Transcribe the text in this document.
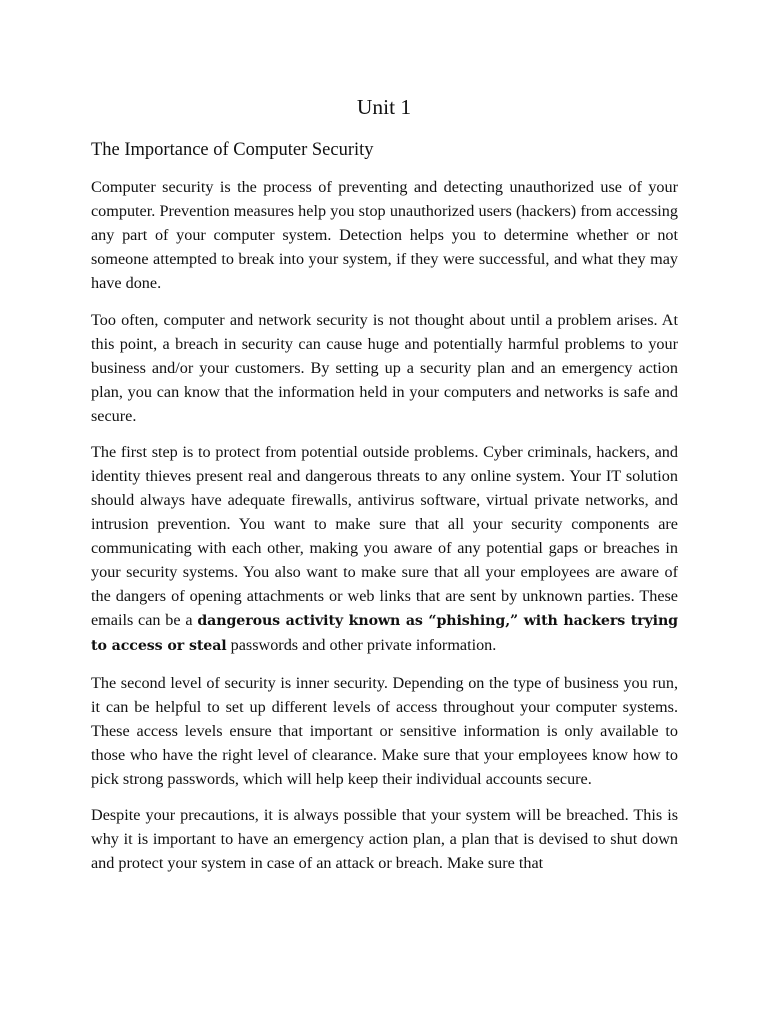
Unit 1
The Importance of Computer Security

Computer security is the process of preventing and detecting unauthorized use of your computer. Prevention measures help you stop unauthorized users (hackers) from accessing any part of your computer system. Detection helps you to determine whether or not someone attempted to break into your system, if they were successful, and what they may have done.

Too often, computer and network security is not thought about until a problem arises. At this point, a breach in security can cause huge and potentially harmful problems to your business and/or your customers. By setting up a security plan and an emergency action plan, you can know that the information held in your computers and networks is safe and secure.

The first step is to protect from potential outside problems. Cyber criminals, hackers, and identity thieves present real and dangerous threats to any online system. Your IT solution should always have adequate firewalls, antivirus software, virtual private networks, and intrusion prevention. You want to make sure that all your security components are communicating with each other, making you aware of any potential gaps or breaches in your security systems. You also want to make sure that all your employees are aware of the dangers of opening attachments or web links that are sent by unknown parties. These emails can be a dangerous activity known as “phishing,” with hackers trying to access or steal passwords and other private information.

The second level of security is inner security. Depending on the type of business you run, it can be helpful to set up different levels of access throughout your computer systems. These access levels ensure that important or sensitive information is only available to those who have the right level of clearance. Make sure that your employees know how to pick strong passwords, which will help keep their individual accounts secure.

Despite your precautions, it is always possible that your system will be breached. This is why it is important to have an emergency action plan, a plan that is devised to shut down and protect your system in case of an attack or breach. Make sure that
